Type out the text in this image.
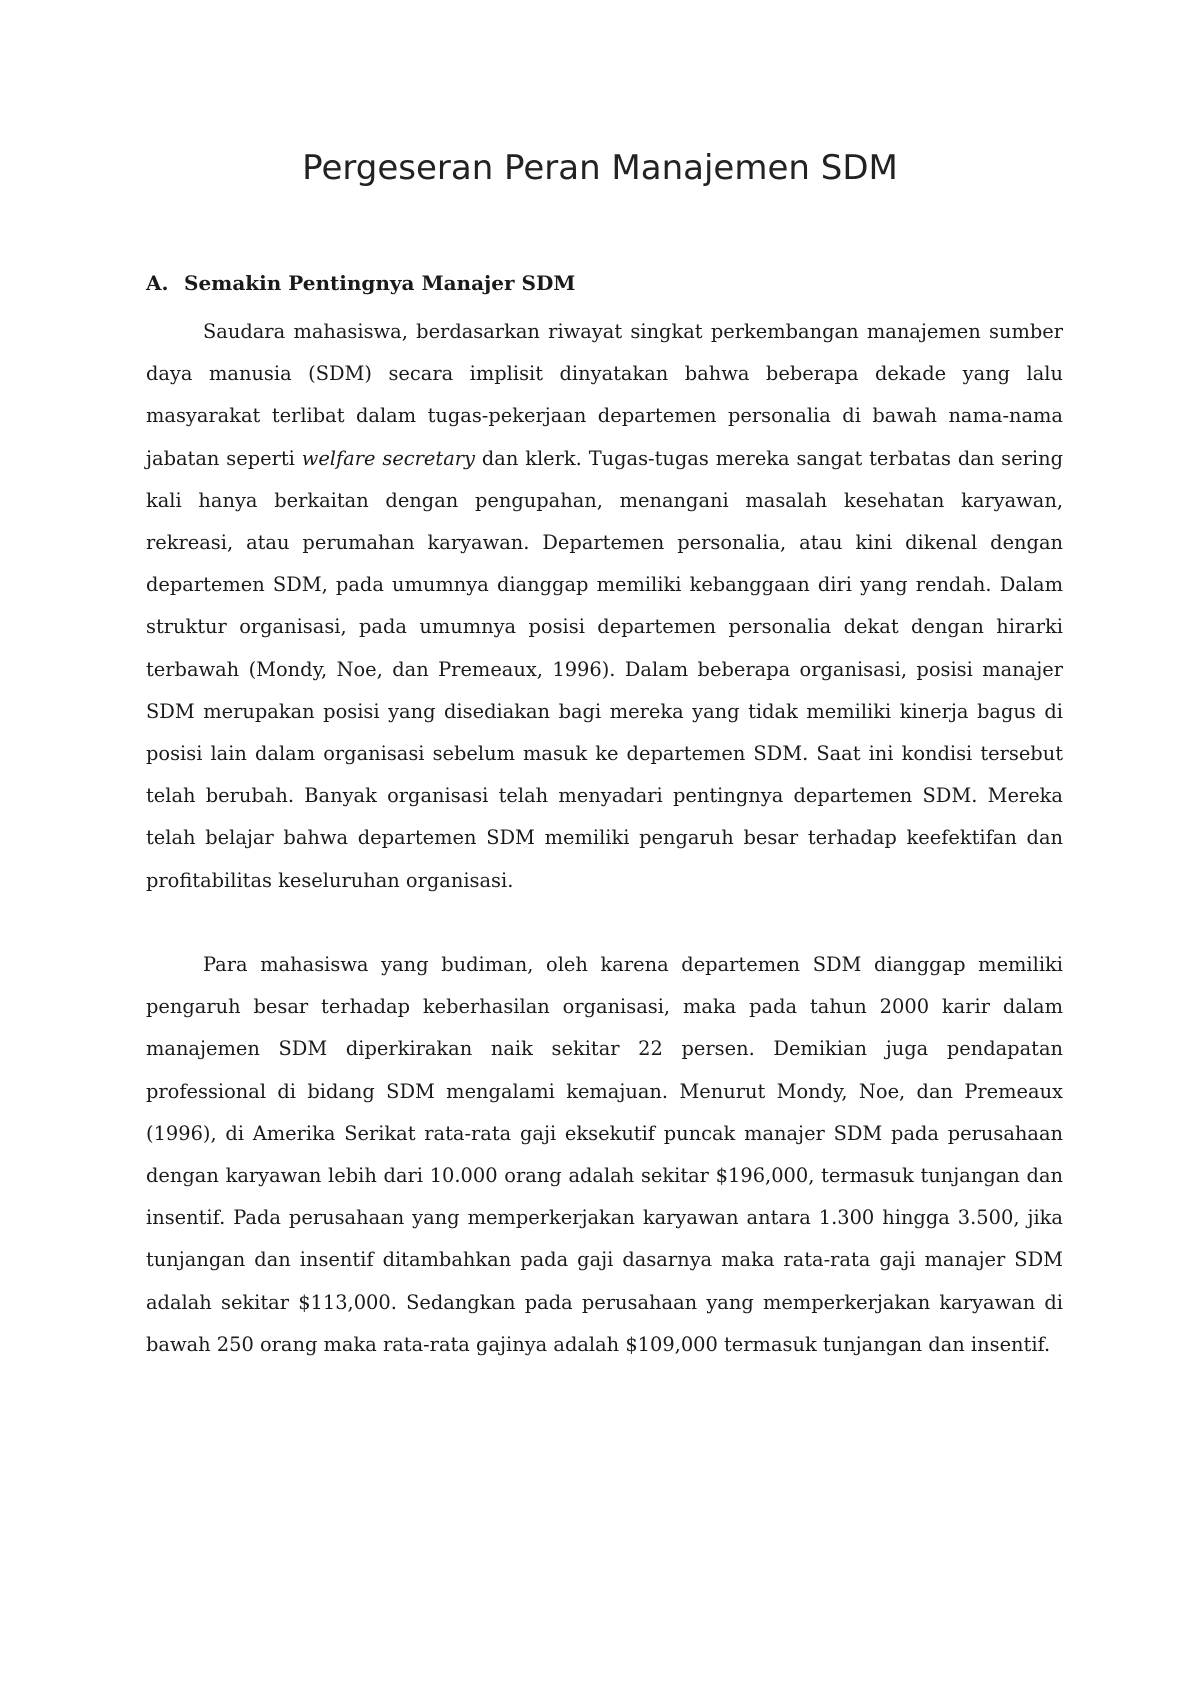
Pergeseran Peran Manajemen SDM
A. Semakin Pentingnya Manajer SDM

Saudara mahasiswa, berdasarkan riwayat singkat perkembangan manajemen sumber daya manusia (SDM) secara implisit dinyatakan bahwa beberapa dekade yang lalu masyarakat terlibat dalam tugas-pekerjaan departemen personalia di bawah nama-nama jabatan seperti welfare secretary dan klerk. Tugas-tugas mereka sangat terbatas dan sering kali hanya berkaitan dengan pengupahan, menangani masalah kesehatan karyawan, rekreasi, atau perumahan karyawan. Departemen personalia, atau kini dikenal dengan departemen SDM, pada umumnya dianggap memiliki kebanggaan diri yang rendah. Dalam struktur organisasi, pada umumnya posisi departemen personalia dekat dengan hirarki terbawah (Mondy, Noe, dan Premeaux, 1996). Dalam beberapa organisasi, posisi manajer SDM merupakan posisi yang disediakan bagi mereka yang tidak memiliki kinerja bagus di posisi lain dalam organisasi sebelum masuk ke departemen SDM. Saat ini kondisi tersebut telah berubah. Banyak organisasi telah menyadari pentingnya departemen SDM. Mereka telah belajar bahwa departemen SDM memiliki pengaruh besar terhadap keefektifan dan profitabilitas keseluruhan organisasi.

Para mahasiswa yang budiman, oleh karena departemen SDM dianggap memiliki pengaruh besar terhadap keberhasilan organisasi, maka pada tahun 2000 karir dalam manajemen SDM diperkirakan naik sekitar 22 persen. Demikian juga pendapatan professional di bidang SDM mengalami kemajuan. Menurut Mondy, Noe, dan Premeaux (1996), di Amerika Serikat rata-rata gaji eksekutif puncak manajer SDM pada perusahaan dengan karyawan lebih dari 10.000 orang adalah sekitar $196,000, termasuk tunjangan dan insentif. Pada perusahaan yang memperkerjakan karyawan antara 1.300 hingga 3.500, jika tunjangan dan insentif ditambahkan pada gaji dasarnya maka rata-rata gaji manajer SDM adalah sekitar $113,000. Sedangkan pada perusahaan yang memperkerjakan karyawan di bawah 250 orang maka rata-rata gajinya adalah $109,000 termasuk tunjangan dan insentif.
